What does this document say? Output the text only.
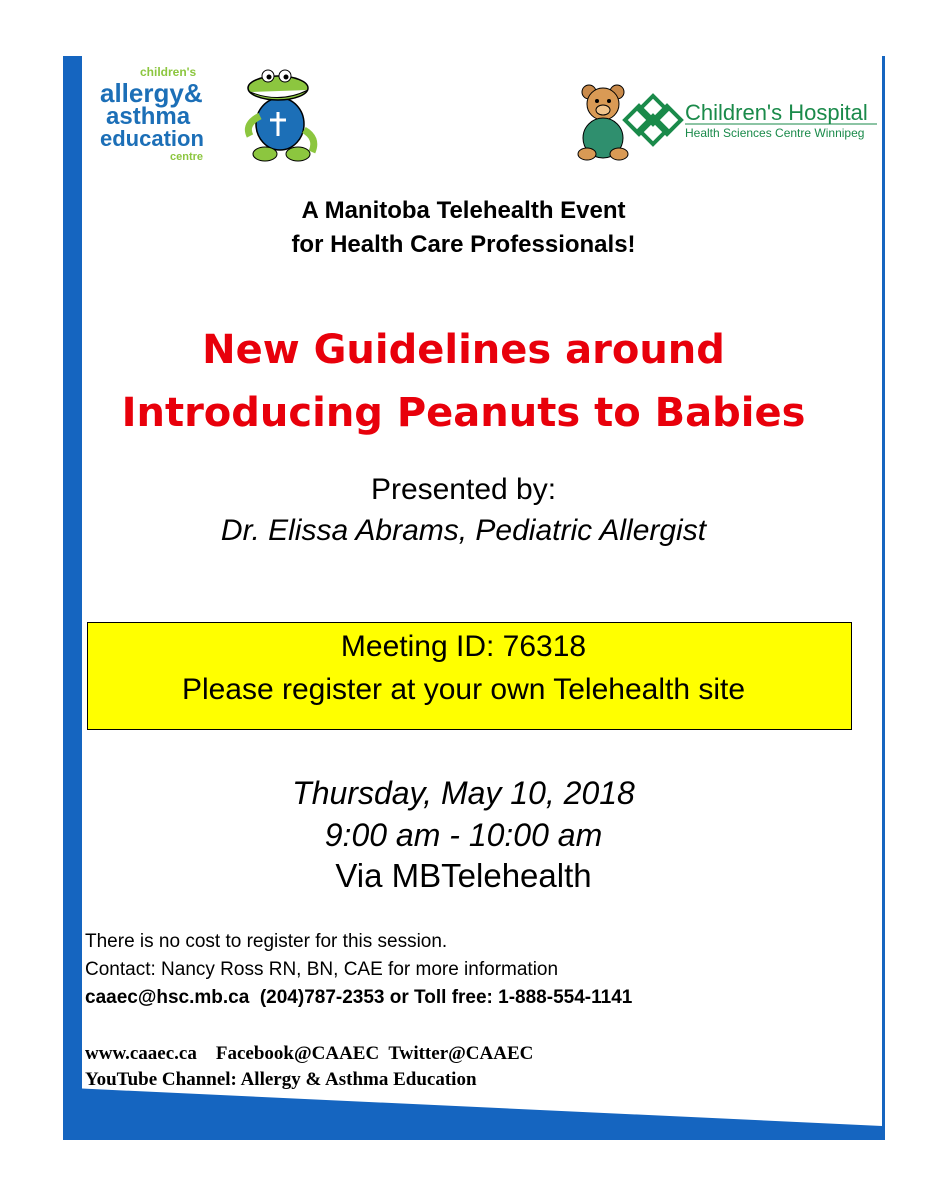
children's
allergy&
asthma
education
centre
Children's Hospital
Health Sciences Centre Winnipeg
A Manitoba Telehealth Event
for Health Care Professionals!
New Guidelines around
Introducing Peanuts to Babies
Presented by:
Dr. Elissa Abrams, Pediatric Allergist
Meeting ID: 76318
Please register at your own Telehealth site
Thursday, May 10, 2018
9:00 am - 10:00 am
Via MBTelehealth
There is no cost to register for this session.
Contact: Nancy Ross RN, BN, CAE for more information
caaec@hsc.mb.ca  (204)787-2353 or Toll free: 1-888-554-1141
www.caaec.ca    Facebook@CAAEC  Twitter@CAAEC
YouTube Channel: Allergy & Asthma Education
